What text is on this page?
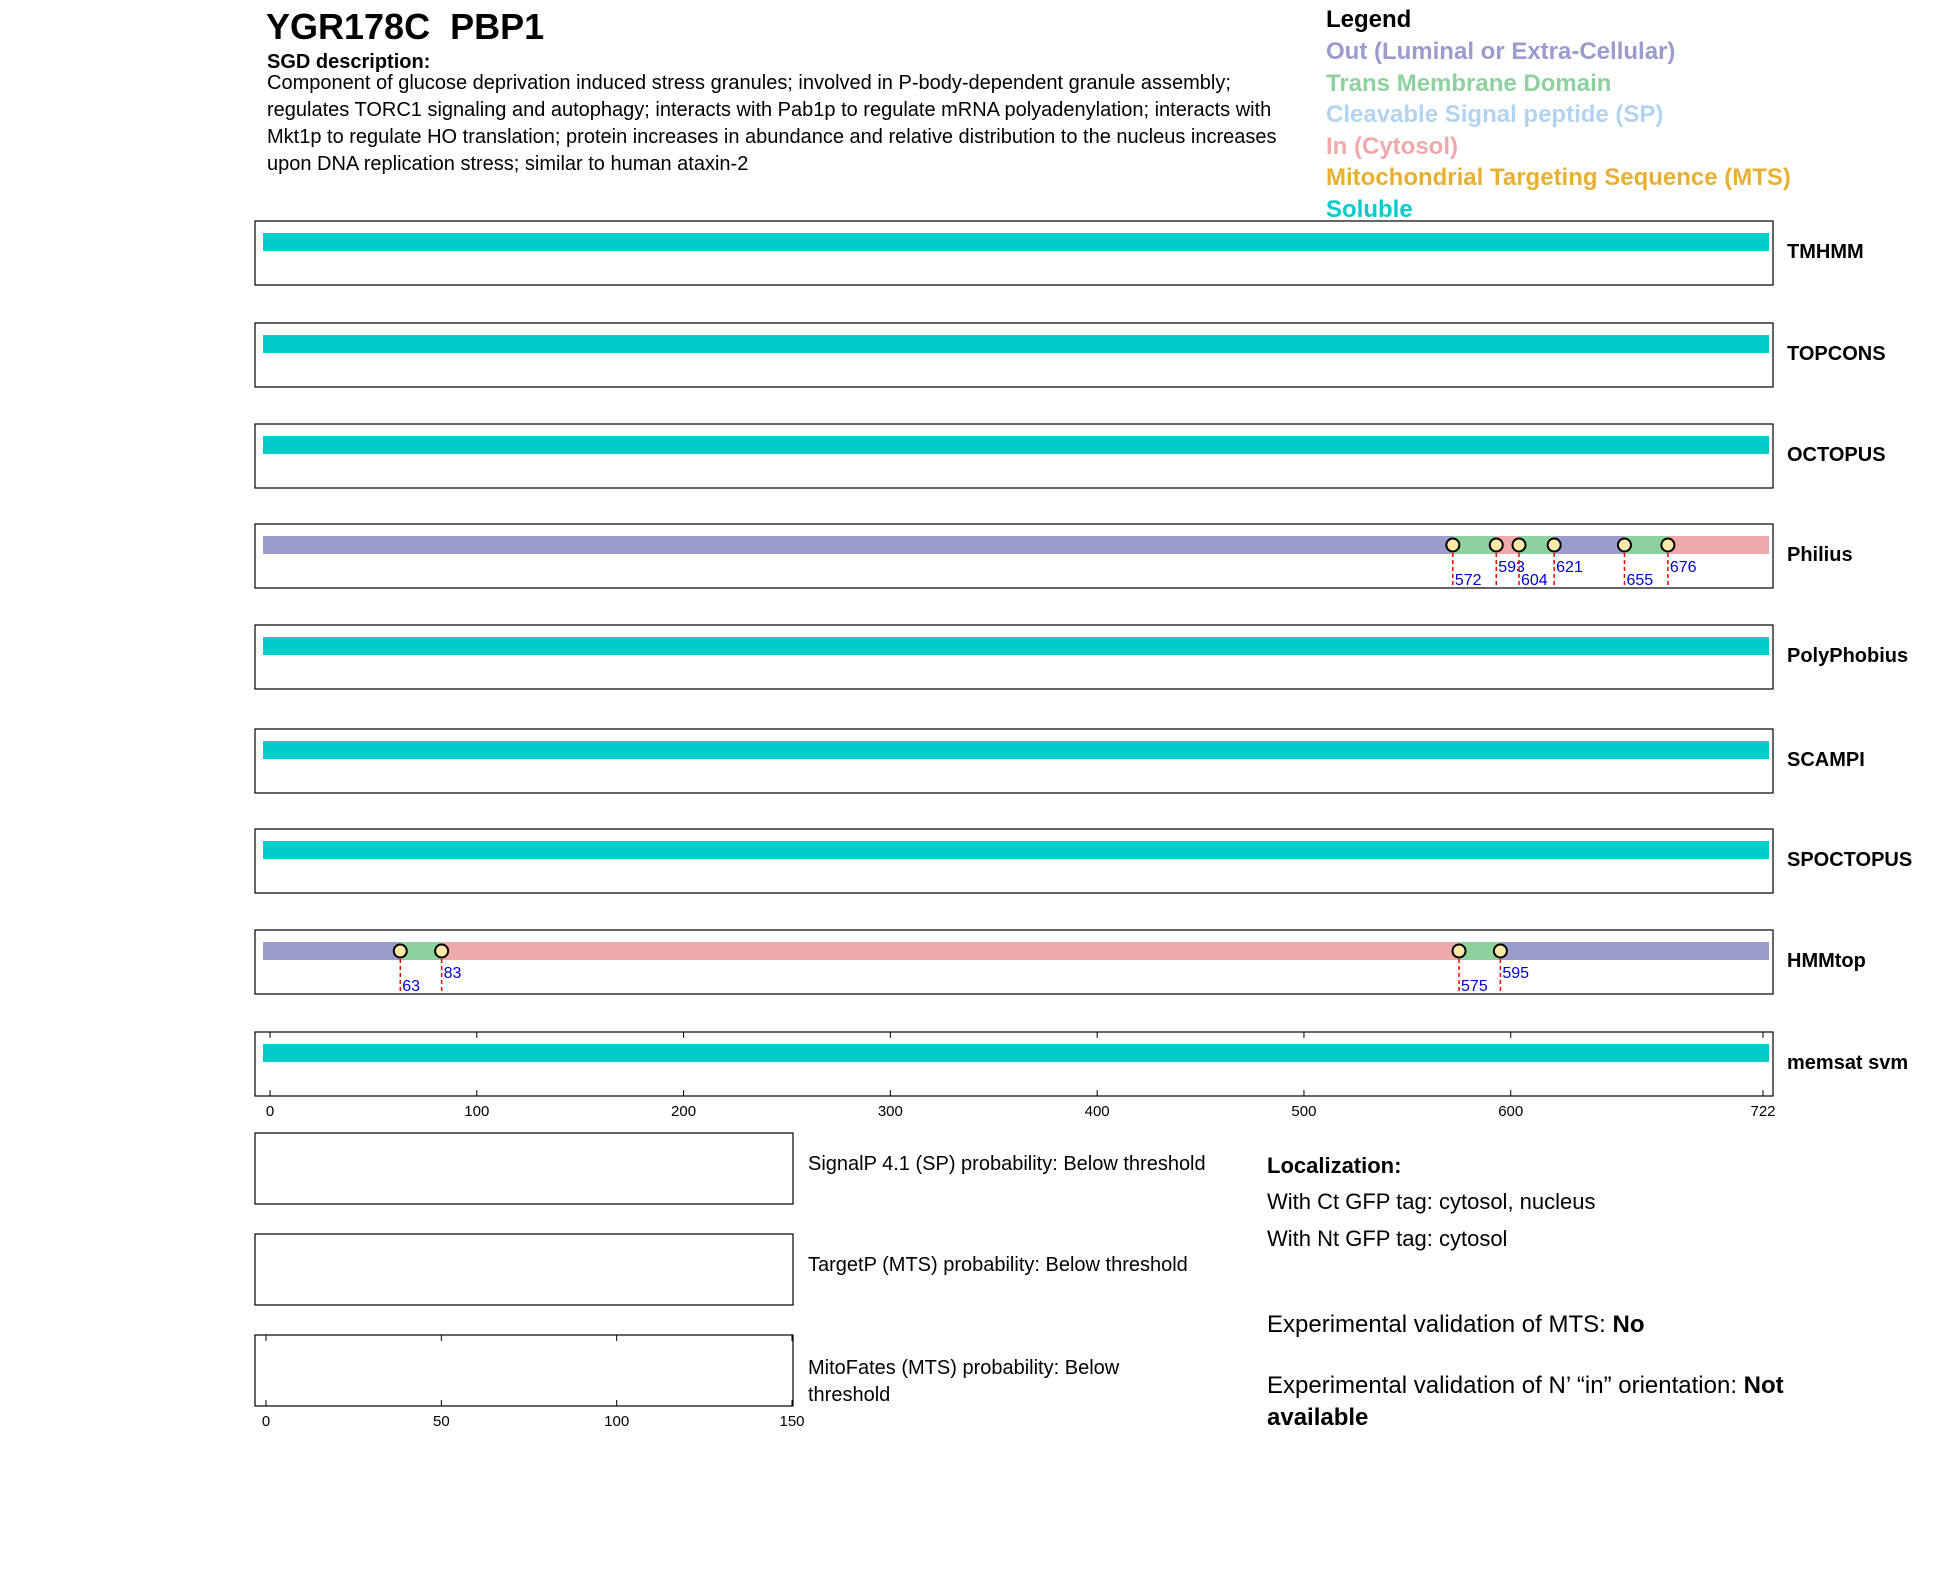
YGR178C  PBP1
SGD description:
Component of glucose deprivation induced stress granules; involved in P-body-dependent granule assembly; regulates TORC1 signaling and autophagy; interacts with Pab1p to regulate mRNA polyadenylation; interacts with Mkt1p to regulate HO translation; protein increases in abundance and relative distribution to the nucleus increases upon DNA replication stress; similar to human ataxin-2
Legend
Out (Luminal or Extra-Cellular)
Trans Membrane Domain
Cleavable Signal peptide (SP)
In (Cytosol)
Mitochondrial Targeting Sequence (MTS)
Soluble
TMHMM
TOPCONS
OCTOPUS
572
593
604
621
655
676
Philius
PolyPhobius
SCAMPI
SPOCTOPUS
63
83
575
595
HMMtop
memsat svm
0	100	200	300	400	500	600	722
SignalP 4.1 (SP) probability: Below threshold
TargetP (MTS) probability: Below threshold
MitoFates (MTS) probability: Below threshold
0	50	100	150
Localization:
With Ct GFP tag: cytosol, nucleus
With Nt GFP tag: cytosol
Experimental validation of MTS: No
Experimental validation of N’ “in” orientation: Not available
